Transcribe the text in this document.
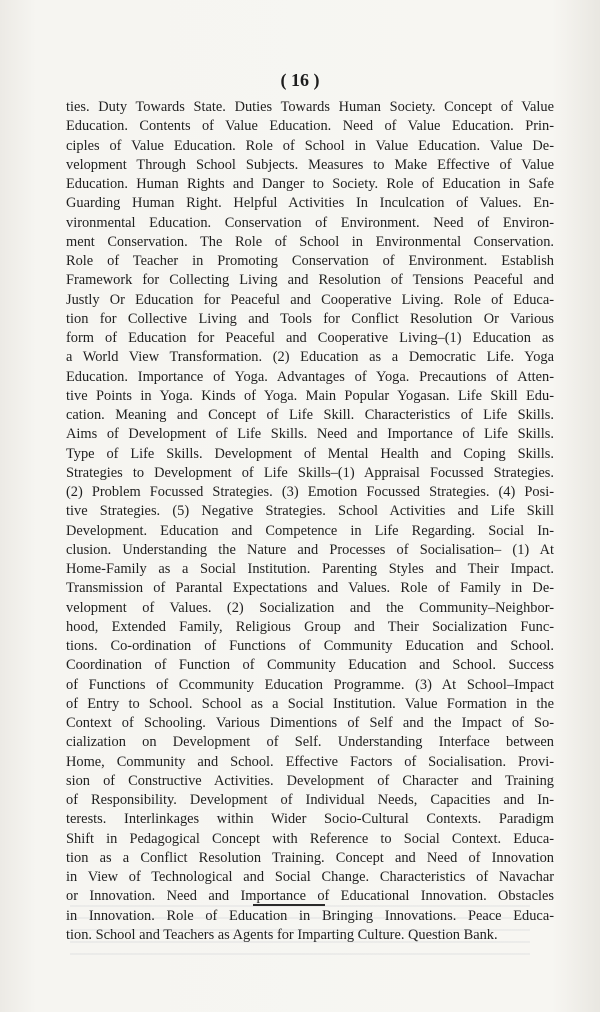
( 16 )
ties. Duty Towards State. Duties Towards Human Society. Concept of Value
Education. Contents of Value Education. Need of Value Education. Prin-
ciples of Value Education. Role of School in Value Education. Value De-
velopment Through School Subjects. Measures to Make Effective of Value
Education. Human Rights and Danger to Society. Role of Education in Safe
Guarding Human Right. Helpful Activities In Inculcation of Values. En-
vironmental Education. Conservation of Environment. Need of Environ-
ment Conservation. The Role of School in Environmental Conservation.
Role of Teacher in Promoting Conservation of Environment. Establish
Framework for Collecting Living and Resolution of Tensions Peaceful and
Justly Or Education for Peaceful and Cooperative Living. Role of Educa-
tion for Collective Living and Tools for Conflict Resolution Or Various
form of Education for Peaceful and Cooperative Living–(1) Education as
a World View Transformation. (2) Education as a Democratic Life. Yoga
Education. Importance of Yoga. Advantages of Yoga. Precautions of Atten-
tive Points in Yoga. Kinds of Yoga. Main Popular Yogasan. Life Skill Edu-
cation. Meaning and Concept of Life Skill. Characteristics of Life Skills.
Aims of Development of Life Skills. Need and Importance of Life Skills.
Type of Life Skills. Development of Mental Health and Coping Skills.
Strategies to Development of Life Skills–(1) Appraisal Focussed Strategies.
(2) Problem Focussed Strategies. (3) Emotion Focussed Strategies. (4) Posi-
tive Strategies. (5) Negative Strategies. School Activities and Life Skill
Development. Education and Competence in Life Regarding. Social In-
clusion. Understanding the Nature and Processes of Socialisation– (1) At
Home-Family as a Social Institution. Parenting Styles and Their Impact.
Transmission of Parantal Expectations and Values. Role of Family in De-
velopment of Values. (2) Socialization and the Community–Neighbor-
hood, Extended Family, Religious Group and Their Socialization Func-
tions. Co-ordination of Functions of Community Education and School.
Coordination of Function of Community Education and School. Success
of Functions of Ccommunity Education Programme. (3) At School–Impact
of Entry to School. School as a Social Institution. Value Formation in the
Context of Schooling. Various Dimentions of Self and the Impact of So-
cialization on Development of Self. Understanding Interface between
Home, Community and School. Effective Factors of Socialisation. Provi-
sion of Constructive Activities. Development of Character and Training
of Responsibility. Development of Individual Needs, Capacities and In-
terests. Interlinkages within Wider Socio-Cultural Contexts. Paradigm
Shift in Pedagogical Concept with Reference to Social Context. Educa-
tion as a Conflict Resolution Training. Concept and Need of Innovation
in View of Technological and Social Change. Characteristics of Navachar
or Innovation. Need and Importance of Educational Innovation. Obstacles
in Innovation. Role of Education in Bringing Innovations. Peace Educa-
tion. School and Teachers as Agents for Imparting Culture. Question Bank.
